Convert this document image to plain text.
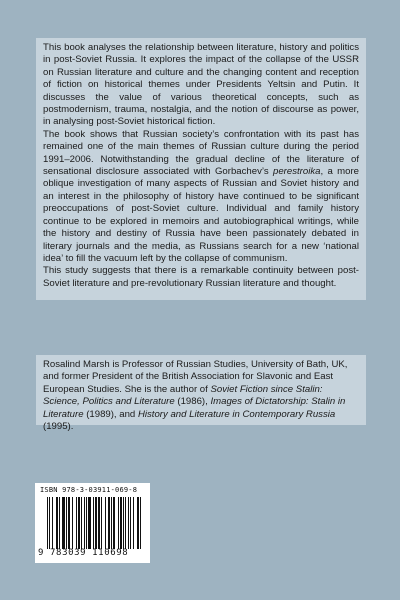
This book analyses the relationship between literature, history and politics in post-Soviet Russia. It explores the impact of the collapse of the USSR on Russian literature and culture and the changing content and reception of fiction on historical themes under Presidents Yeltsin and Putin. It discusses the value of various theoretical concepts, such as postmodernism, trauma, nostalgia, and the notion of discourse as power, in analysing post-Soviet historical fiction.

The book shows that Russian society’s confrontation with its past has remained one of the main themes of Russian culture during the period 1991–2006. Notwithstanding the gradual decline of the literature of sensational disclosure associated with Gorbachev’s perestroika, a more oblique investigation of many aspects of Russian and Soviet history and an interest in the philosophy of history have continued to be significant preoccupations of post-Soviet culture. Individual and family history continue to be explored in memoirs and autobiographical writings, while the history and destiny of Russia have been passionately debated in literary journals and the media, as Russians search for a new ‘national idea’ to fill the vacuum left by the collapse of communism.

This study suggests that there is a remarkable continuity between post-Soviet literature and pre-revolutionary Russian literature and thought.

Rosalind Marsh is Professor of Russian Studies, University of Bath, UK, and former President of the British Association for Slavonic and East European Studies. She is the author of Soviet Fiction since Stalin: Science, Politics and Literature (1986), Images of Dictatorship: Stalin in Literature (1989), and History and Literature in Contemporary Russia (1995).

ISBN 978-3-03911-069-8
9 783039 110698
